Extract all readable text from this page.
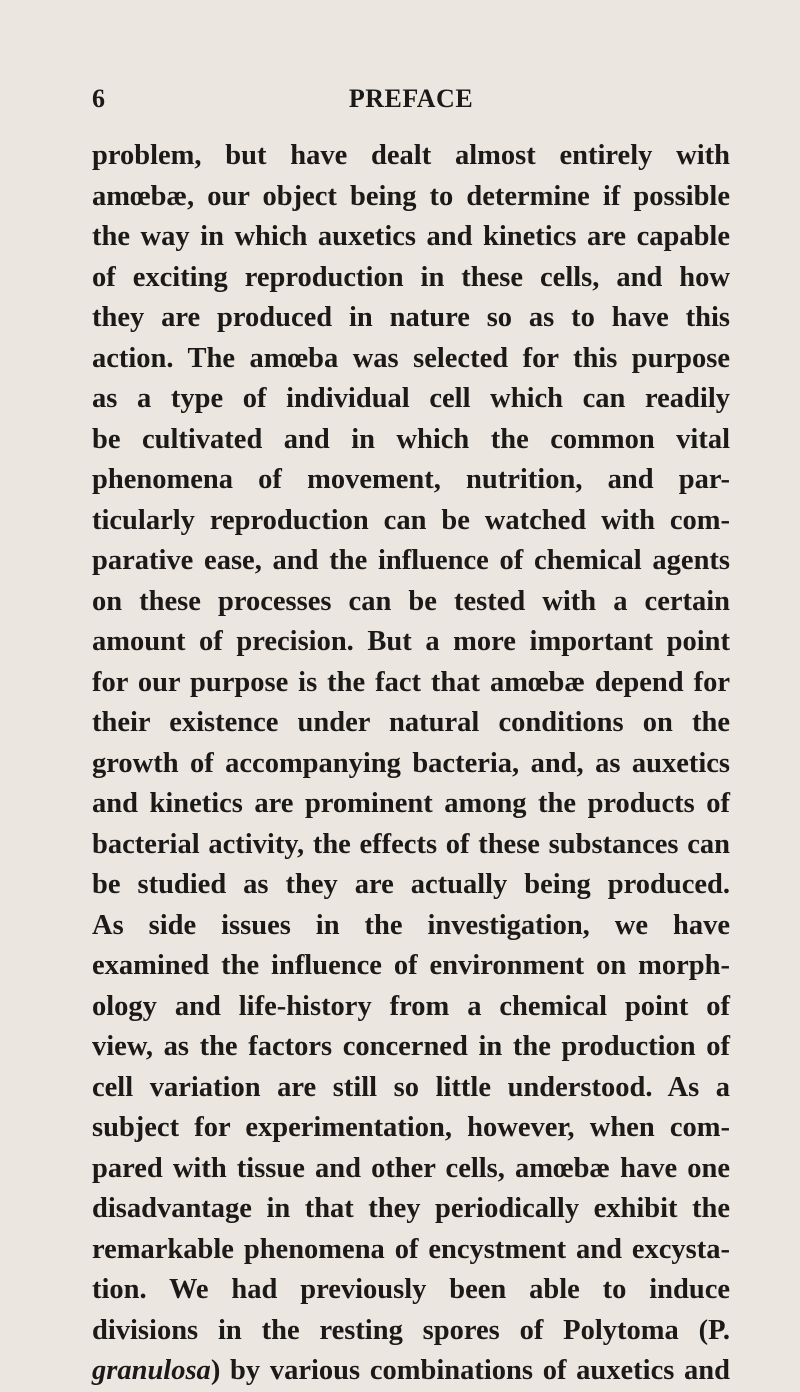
6	PREFACE
problem, but have dealt almost entirely with
amœbæ, our object being to determine if possible
the way in which auxetics and kinetics are capable
of exciting reproduction in these cells, and how
they are produced in nature so as to have this
action. The amœba was selected for this purpose
as a type of individual cell which can readily
be cultivated and in which the common vital
phenomena of movement, nutrition, and par-
ticularly reproduction can be watched with com-
parative ease, and the influence of chemical agents
on these processes can be tested with a certain
amount of precision. But a more important point
for our purpose is the fact that amœbæ depend for
their existence under natural conditions on the
growth of accompanying bacteria, and, as auxetics
and kinetics are prominent among the products of
bacterial activity, the effects of these substances can
be studied as they are actually being produced.
As side issues in the investigation, we have
examined the influence of environment on morph-
ology and life-history from a chemical point of
view, as the factors concerned in the production of
cell variation are still so little understood. As a
subject for experimentation, however, when com-
pared with tissue and other cells, amœbæ have one
disadvantage in that they periodically exhibit the
remarkable phenomena of encystment and excysta-
tion. We had previously been able to induce
divisions in the resting spores of Polytoma (P.
granulosa) by various combinations of auxetics and
